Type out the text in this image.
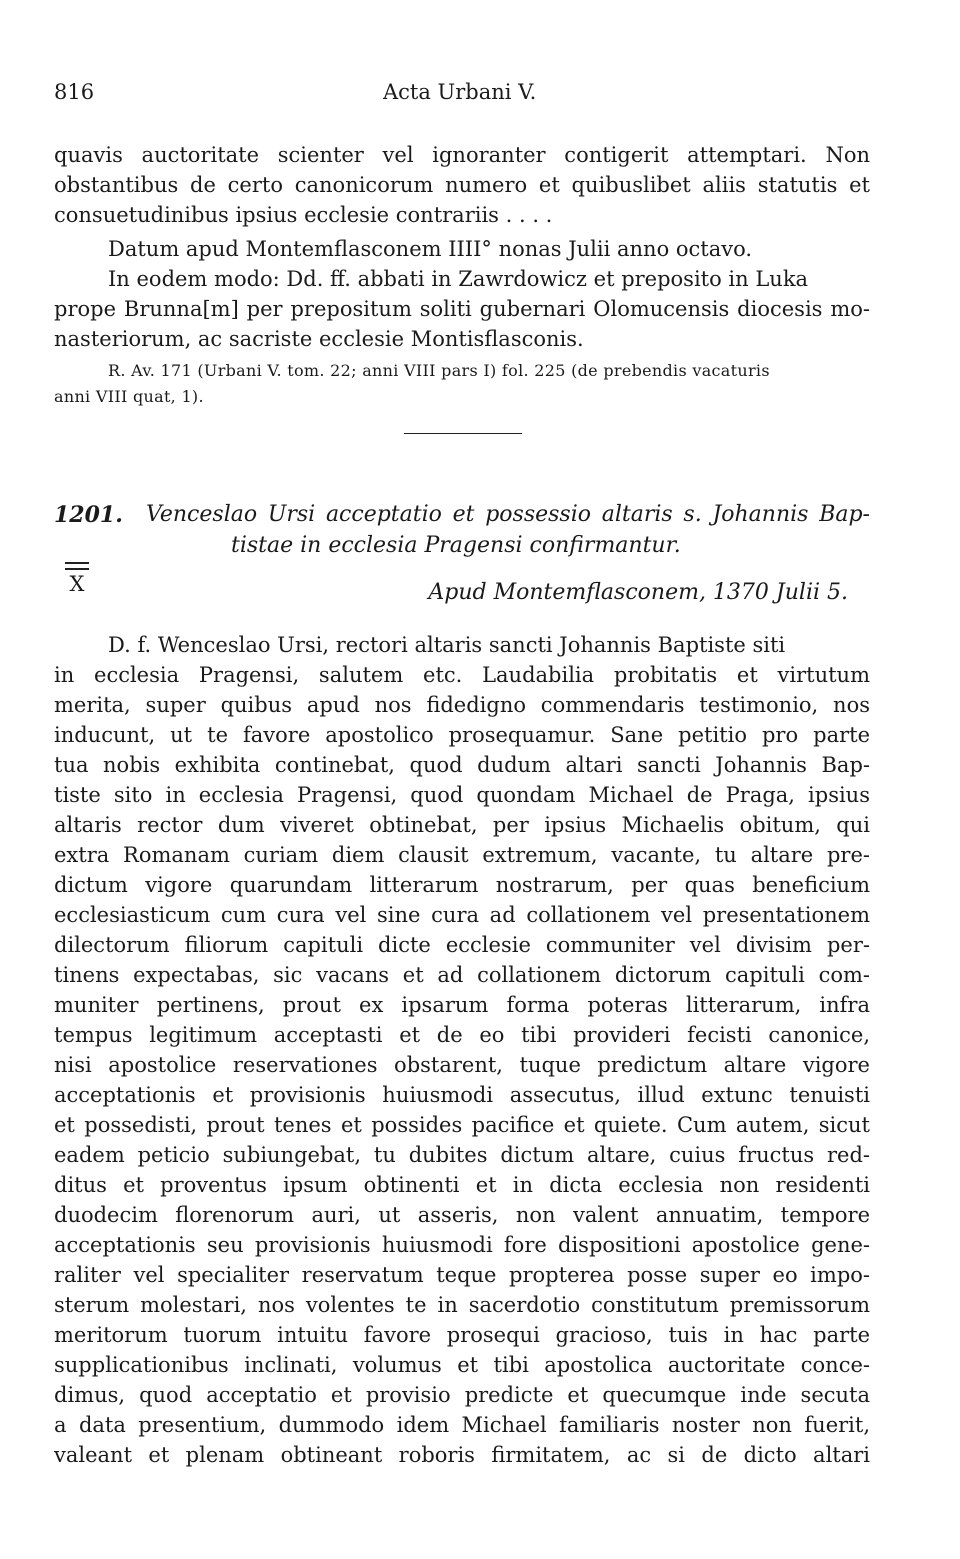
816	Acta Urbani V.
quavis auctoritate scienter vel ignoranter contigerit attemptari. Non
obstantibus de certo canonicorum numero et quibuslibet aliis statutis et
consuetudinibus ipsius ecclesie contrariis . . . .
Datum apud Montemflasconem IIII° nonas Julii anno octavo.
In eodem modo: Dd. ff. abbati in Zawrdowicz et preposito in Luka
prope Brunna[m] per prepositum soliti gubernari Olomucensis diocesis mo-
nasteriorum, ac sacriste ecclesie Montisflasconis.
R. Av. 171 (Urbani V. tom. 22; anni VIII pars I) fol. 225 (de prebendis vacaturis
anni VIII quat, 1).
1201. Venceslao Ursi acceptatio et possessio altaris s. Johannis Bap-
tistae in ecclesia Pragensi confirmantur.
X	Apud Montemflasconem, 1370 Julii 5.
D. f. Wenceslao Ursi, rectori altaris sancti Johannis Baptiste siti
in ecclesia Pragensi, salutem etc. Laudabilia probitatis et virtutum
merita, super quibus apud nos fidedigno commendaris testimonio, nos
inducunt, ut te favore apostolico prosequamur. Sane petitio pro parte
tua nobis exhibita continebat, quod dudum altari sancti Johannis Bap-
tiste sito in ecclesia Pragensi, quod quondam Michael de Praga, ipsius
altaris rector dum viveret obtinebat, per ipsius Michaelis obitum, qui
extra Romanam curiam diem clausit extremum, vacante, tu altare pre-
dictum vigore quarundam litterarum nostrarum, per quas beneficium
ecclesiasticum cum cura vel sine cura ad collationem vel presentationem
dilectorum filiorum capituli dicte ecclesie communiter vel divisim per-
tinens expectabas, sic vacans et ad collationem dictorum capituli com-
muniter pertinens, prout ex ipsarum forma poteras litterarum, infra
tempus legitimum acceptasti et de eo tibi provideri fecisti canonice,
nisi apostolice reservationes obstarent, tuque predictum altare vigore
acceptationis et provisionis huiusmodi assecutus, illud extunc tenuisti
et possedisti, prout tenes et possides pacifice et quiete. Cum autem, sicut
eadem peticio subiungebat, tu dubites dictum altare, cuius fructus red-
ditus et proventus ipsum obtinenti et in dicta ecclesia non residenti
duodecim florenorum auri, ut asseris, non valent annuatim, tempore
acceptationis seu provisionis huiusmodi fore dispositioni apostolice gene-
raliter vel specialiter reservatum teque propterea posse super eo impo-
sterum molestari, nos volentes te in sacerdotio constitutum premissorum
meritorum tuorum intuitu favore prosequi gracioso, tuis in hac parte
supplicationibus inclinati, volumus et tibi apostolica auctoritate conce-
dimus, quod acceptatio et provisio predicte et quecumque inde secuta
a data presentium, dummodo idem Michael familiaris noster non fuerit,
valeant et plenam obtineant roboris firmitatem, ac si de dicto altari
